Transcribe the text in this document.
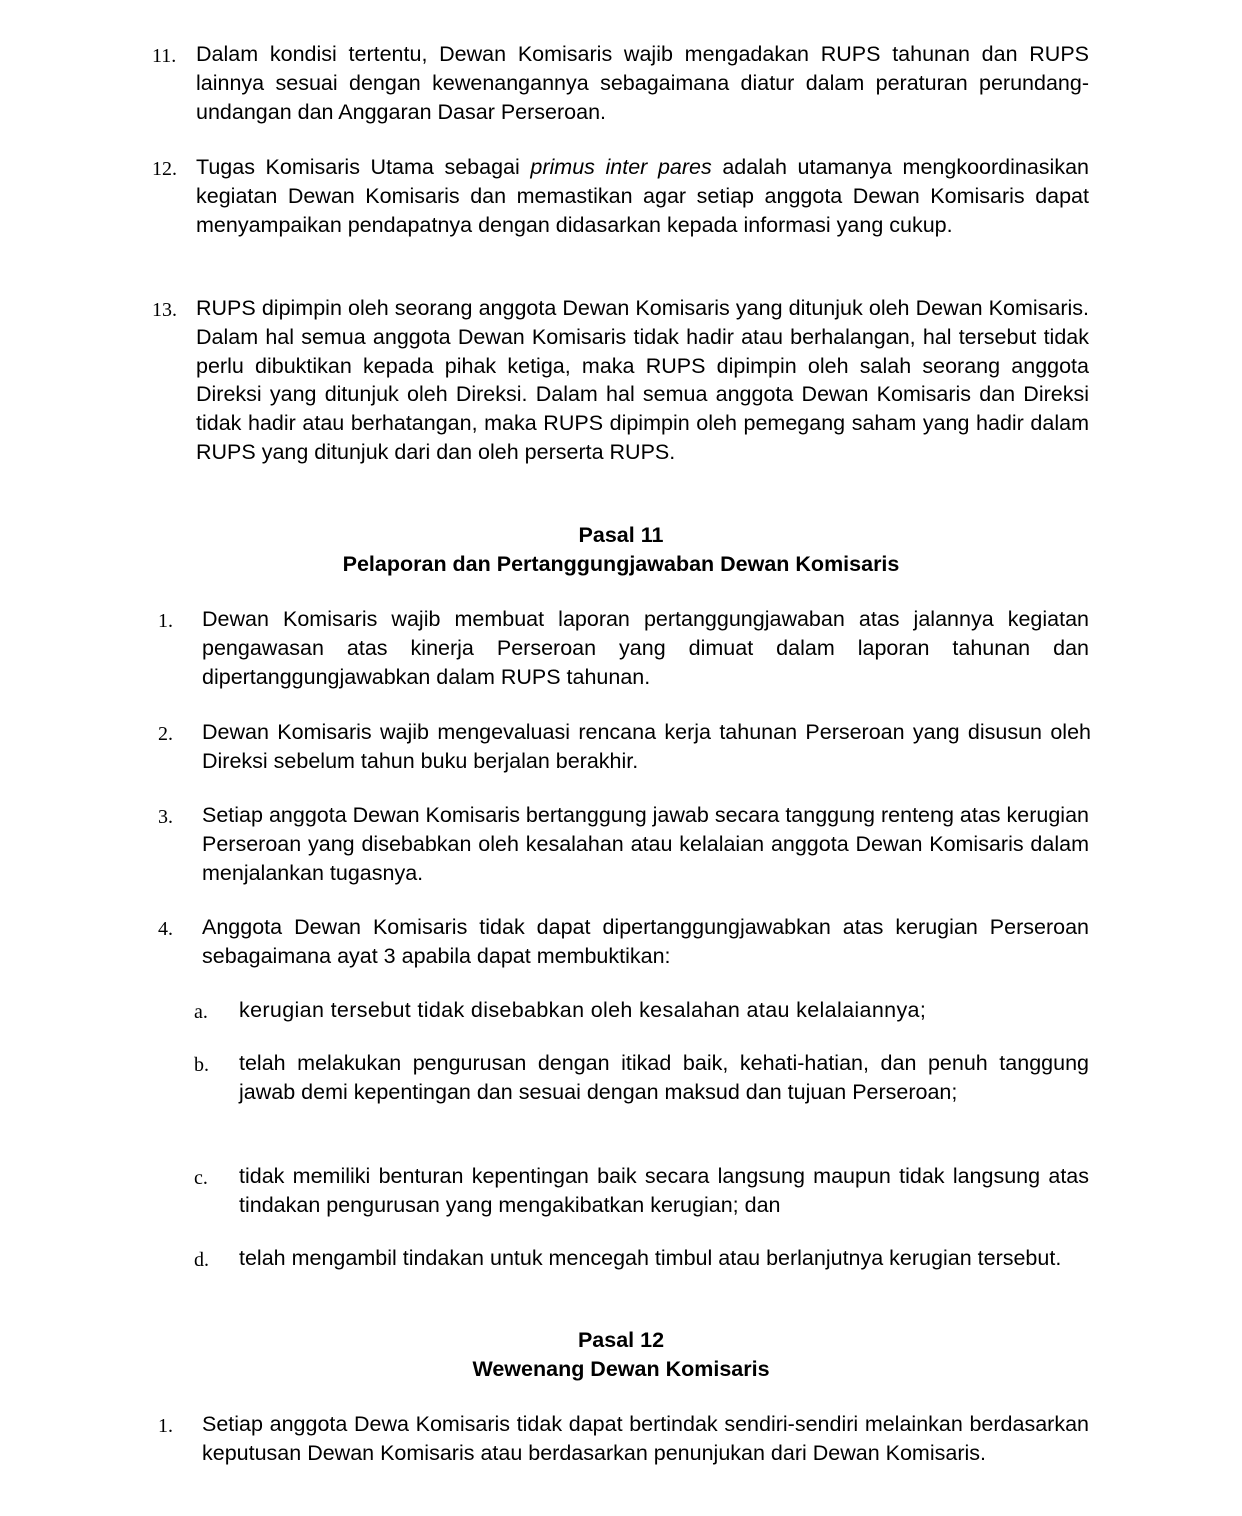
11. Dalam kondisi tertentu, Dewan Komisaris wajib mengadakan RUPS tahunan dan RUPS lainnya sesuai dengan kewenangannya sebagaimana diatur dalam peraturan perundang-undangan dan Anggaran Dasar Perseroan.
12. Tugas Komisaris Utama sebagai primus inter pares adalah utamanya mengkoordinasikan kegiatan Dewan Komisaris dan memastikan agar setiap anggota Dewan Komisaris dapat menyampaikan pendapatnya dengan didasarkan kepada informasi yang cukup.
13. RUPS dipimpin oleh seorang anggota Dewan Komisaris yang ditunjuk oleh Dewan Komisaris. Dalam hal semua anggota Dewan Komisaris tidak hadir atau berhalangan, hal tersebut tidak perlu dibuktikan kepada pihak ketiga, maka RUPS dipimpin oleh salah seorang anggota Direksi yang ditunjuk oleh Direksi. Dalam hal semua anggota Dewan Komisaris dan Direksi tidak hadir atau berhatangan, maka RUPS dipimpin oleh pemegang saham yang hadir dalam RUPS yang ditunjuk dari dan oleh perserta RUPS.
Pasal 11
Pelaporan dan Pertanggungjawaban Dewan Komisaris
1. Dewan Komisaris wajib membuat laporan pertanggungjawaban atas jalannya kegiatan pengawasan atas kinerja Perseroan yang dimuat dalam laporan tahunan dan dipertanggungjawabkan dalam RUPS tahunan.
2. Dewan Komisaris wajib mengevaluasi rencana kerja tahunan Perseroan yang disusun oleh Direksi sebelum tahun buku berjalan berakhir.
3. Setiap anggota Dewan Komisaris bertanggung jawab secara tanggung renteng atas kerugian Perseroan yang disebabkan oleh kesalahan atau kelalaian anggota Dewan Komisaris dalam menjalankan tugasnya.
4. Anggota Dewan Komisaris tidak dapat dipertanggungjawabkan atas kerugian Perseroan sebagaimana ayat 3 apabila dapat membuktikan:
a. kerugian tersebut tidak disebabkan oleh kesalahan atau kelalaiannya;
b. telah melakukan pengurusan dengan itikad baik, kehati-hatian, dan penuh tanggung jawab demi kepentingan dan sesuai dengan maksud dan tujuan Perseroan;
c. tidak memiliki benturan kepentingan baik secara langsung maupun tidak langsung atas tindakan pengurusan yang mengakibatkan kerugian; dan
d. telah mengambil tindakan untuk mencegah timbul atau berlanjutnya kerugian tersebut.
Pasal 12
Wewenang Dewan Komisaris
1. Setiap anggota Dewa Komisaris tidak dapat bertindak sendiri-sendiri melainkan berdasarkan keputusan Dewan Komisaris atau berdasarkan penunjukan dari Dewan Komisaris.
